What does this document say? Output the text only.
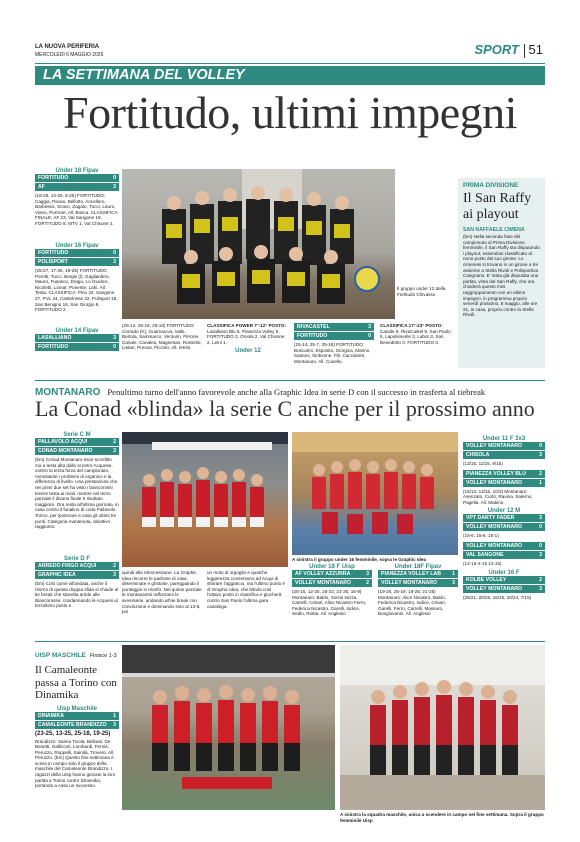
LA NUOVA PERIFERIA
MERCOLEDÌ 6 MAGGIO 2026	SPORT 51
LA SETTIMANA DEL VOLLEY
Fortitudo, ultimi impegni
Under 18 Fipav
FORTITUDO	0
AF	3
(18-25, 14-25, 8-25) FORTITUDO: Caggia, Pavan, Bellotto, Ancellero, Barbesso, Scavo, Zagato, Tucci, Lauro, Viano, Porrone, All. Busca. CLASSIFICA FINALE: AF 23, Val Sangone 19, FORTITUDO 8, MTV 1, Val Chisone 2.
Under 16 Fipav
FORTITUDO	0
POLISPORT	3
(25-27, 17-25, 19-25) FORTITUDO: Perotti, Tucci, Borgis (l), Gagliardino, Mauro, Fusasco, Dragu, Lo Giudice, Nicoletti, Lionar, Ponente, Lahi. All. Testa. CLASSIFICA: Pino 32, Sangone 27, PVL 24, Castelnese 22, Polisport 18, San Benigno 16, San Giorgio 8, FORTITUDO 2.
Under 14 Fipav
LASALLIANO	3
FORTITUDO	0
Il gruppo under 12 della Fortitudo Chivasso
(25-12, 25-18, 25-16) FORTITUDO: Corrado (K), Guarnaccia, Valle, Bertola, Sammarco, Venturin, Pirrone, Canale, Canalea, Magnesan, Rosselio, Lietari, Purcea, Piccolo. All. Ietrini.
CLASSIFICA POWER 7°-12° POSTO:
Lasalliano Blu 5, Pianezza Volley 5, FORTITUDO 3, Orvola 2, Val Chisone 2, Leini 1.
Under 12
RIVACASTEL	3
FORTITUDO	0
(25-14, 25-7, 25-18) FORTITUDO: Buscarini, Esposito, Giorgica, Marino, Santoni, Sinbvone, Pili, Caccialore, Montanaro. All. Cunello.
CLASSIFICA 17°-23° POSTO:
Canale 9, RivaCastel 9, San Paolo 5, Lapolisnerile 3, Labor 3, San Benedetto 0, FORTITUDO 0.
PRIMA DIVISIONE
Il San Raffy ai playout
SAN RAFFAELE CIMENA
(bm) Nella seconda fase del campionato di Prima Divisione femminile, il San Raffy sta disputando i playout, essendosi classificato al nono posto del suo girone. Le cimenesi si trovano in un girone a tre assieme a Stella Rivoli e Polisportiva Carignano. E' stata già disputata una partita, vinta dal San Raffy, che ora chiuderà questo mini raggruppamento con un ultimo impegno, in programma proprio venerdì prossimo, 8 maggio, alle ore 21, in casa, proprio contro la Stella Rivoli.
MONTANARO Penultimo turno dell'anno favorevole anche alla Graphic Idea in serie D con il successo in trasferta al tiebreak
La Conad «blinda» la serie C anche per il prossimo anno
Serie C M
PALLAVOLO ACQUI	2
CONAD MONTANARO	3
(bm) Conad Montanaro esce sconfitto ma a testa alta dallo scontro Acquese, contro la terza forza del campionato, nonostante i problemi di organico e la differenza di livello. Una prestazione che nei primi due set ha visto i biancorossi tenere testa ai rivali, mentre nel terzo parziale il divario finale è risultato maggiore. Ora resta all'ultima giornata, in casa contro il fanalino di coda Pallavolo Torino, per ipotecare a casa gli ultimi tre punti. Categoria mantenuta, obiettivo raggiunto.
Serie D F
ARREDO FRIGO ACQUI	2
GRAPHIC IDEA	3
(bm) Così come all'andata, anche il ritorno di questa doppia sfida si chiude al tie break che stavolta arride alle Biancorosse, condannando le Acquesi al terzultimo posto e
A sinistra il gruppo under 16 femminile, sopra le Graphic Idea
quindi alla retrocessione. La Graphic Idea rincorre le padrone di casa, determinate e grintose, pareggiando il punteggio in trionfo. Nel quinto parziale le montanaresi rafforzano le avversarie, andando all'ae break con convinzione e dominando sino al 13-8, poi
un moto di orgoglio e qualche leggerezza consentono ad Acqui di sfiorare l'aggancio, ma l'ultimo punto è di Graphic Idea, che blinda così l'ottavo posto in classifica e giocherà contro San Paolo l'ultima gara casalinga.
Under 18 F Uisp
AF VOLLEY AZZURRA	3
VOLLEY MONTANARO	2
(25-15, 12-25, 25-22, 21-25, 15-9) Montanaro: Baldo, Sorrai Inizza, Carrelli, Crisari, Aliso Nicastro Ferro, Federica Nicastro, Garelli, Iodice, Sedin, Riotta. All. Anglesio
Under 18F Fipav
PIANEZZA VOLLEY LAB 1
VOLLEY MONTANARO	3
(19-25, 25-19, 19-25, 21-25) Montanaro: Alice Nicastro, Baldo, Federica Nicastro, Iodice, Crisari, Garelli, Ferro, Carrelli, Massaro, Bongiovanni. All. Anglesio
Under 11 F 3x3
VOLLEY MONTANARO	0
CHISOLA	3
(13/15, 11/15, 9/15)
PIANEZZA VOLLEY BLU	2
VOLLEY MONTANARO	1
(15/13, 13/15, 10/3) Montanaro: Asenzato, Curtò, Ravina, Salerno, Pagella. All. Mabino.
Under 12 M
VPT DARTY FADER	3
VOLLEY MONTANARO	0
(15-6, 15-6, 15-1)
VOLLEY MONTANARO	0
VAL SANGONE	3
(12-15-4-15 12-15)
Under 16 F
KOLBE VOLLEY	2
VOLLEY MONTANARO	3
(25/21, 20/25, 16/25, 26/24, 7/15)
UISP MASCHILE Finisce 1-3
Il Camaleonte passa a Torino con Dinamika
Uisp Maschile
DINAMIKA	1
CAMALEONTE BRANDIZZO 3
(23-25, 13-25, 25-18, 19-25)
Brandizzo: Saima Tivola, Belluati, De Benetti, Galliccoti, Lombardi, Fernié, Peruzzo, Roppelli, Sainità, Trovero. All. Peruzzo. (bm) Questo fine settimana è sceso in campo solo il gruppo della maschile del Camaleonte Brandizzo. I ragazzi della Uisp hanno giocato la loro partita a Torino contro Dinamika, portando a casa un successo.
A sinistra la squadra maschile, unica a scendere in campo nel fine settimana. Sopra il gruppo femminile Uisp
